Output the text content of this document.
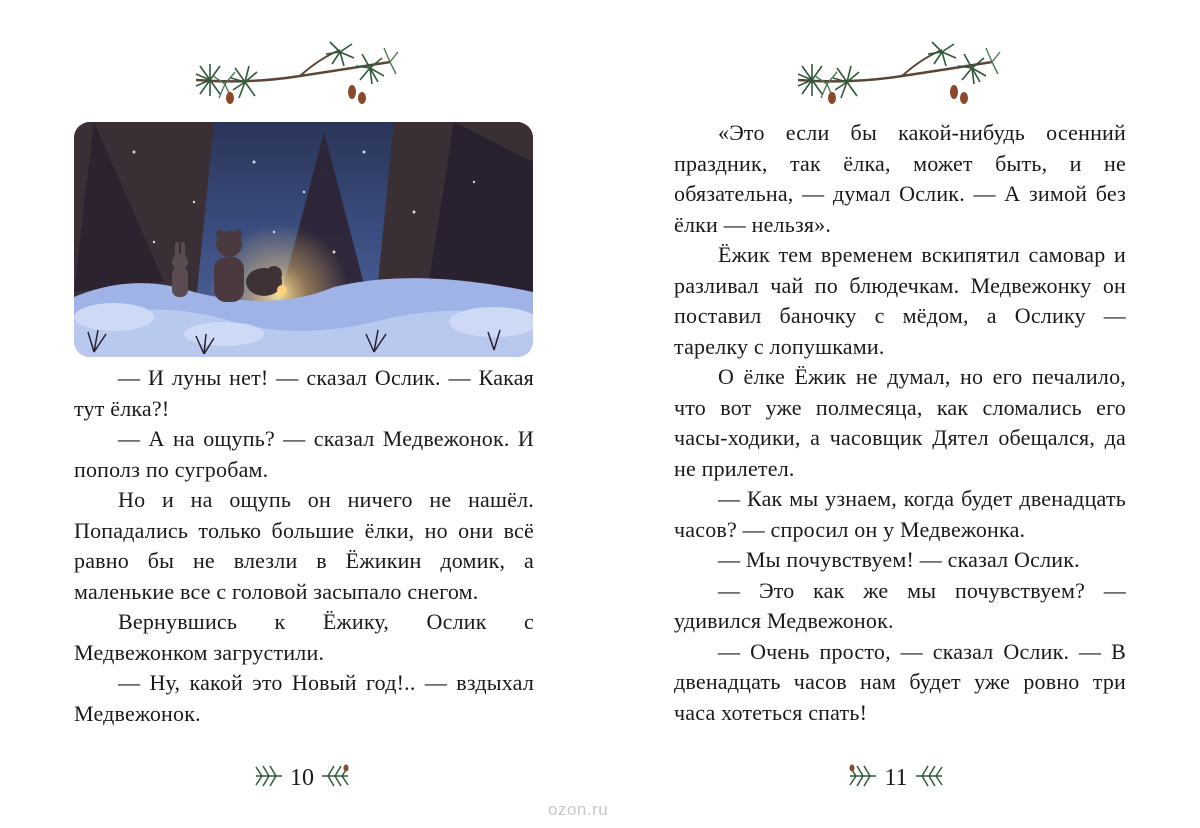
— И луны нет! — сказал Ослик. — Какая тут ёлка?!

— А на ощупь? — сказал Медвежонок. И пополз по сугробам.

Но и на ощупь он ничего не нашёл. Попадались только большие ёлки, но они всё равно бы не влезли в Ёжикин домик, а маленькие все с головой засыпало снегом.

Вернувшись к Ёжику, Ослик с Медвежонком загрустили.

— Ну, какой это Новый год!.. — вздыхал Медвежонок.

10

«Это если бы какой-нибудь осенний праздник, так ёлка, может быть, и не обязательна, — думал Ослик. — А зимой без ёлки — нельзя».

Ёжик тем временем вскипятил самовар и разливал чай по блюдечкам. Медвежонку он поставил баночку с мёдом, а Ослику — тарелку с лопушками.

О ёлке Ёжик не думал, но его печалило, что вот уже полмесяца, как сломались его часы-ходики, а часовщик Дятел обещался, да не прилетел.

— Как мы узнаем, когда будет двенадцать часов? — спросил он у Медвежонка.

— Мы почувствуем! — сказал Ослик.

— Это как же мы почувствуем? — удивился Медвежонок.

— Очень просто, — сказал Ослик. — В двенадцать часов нам будет уже ровно три часа хотеться спать!

11
ozon.ru
